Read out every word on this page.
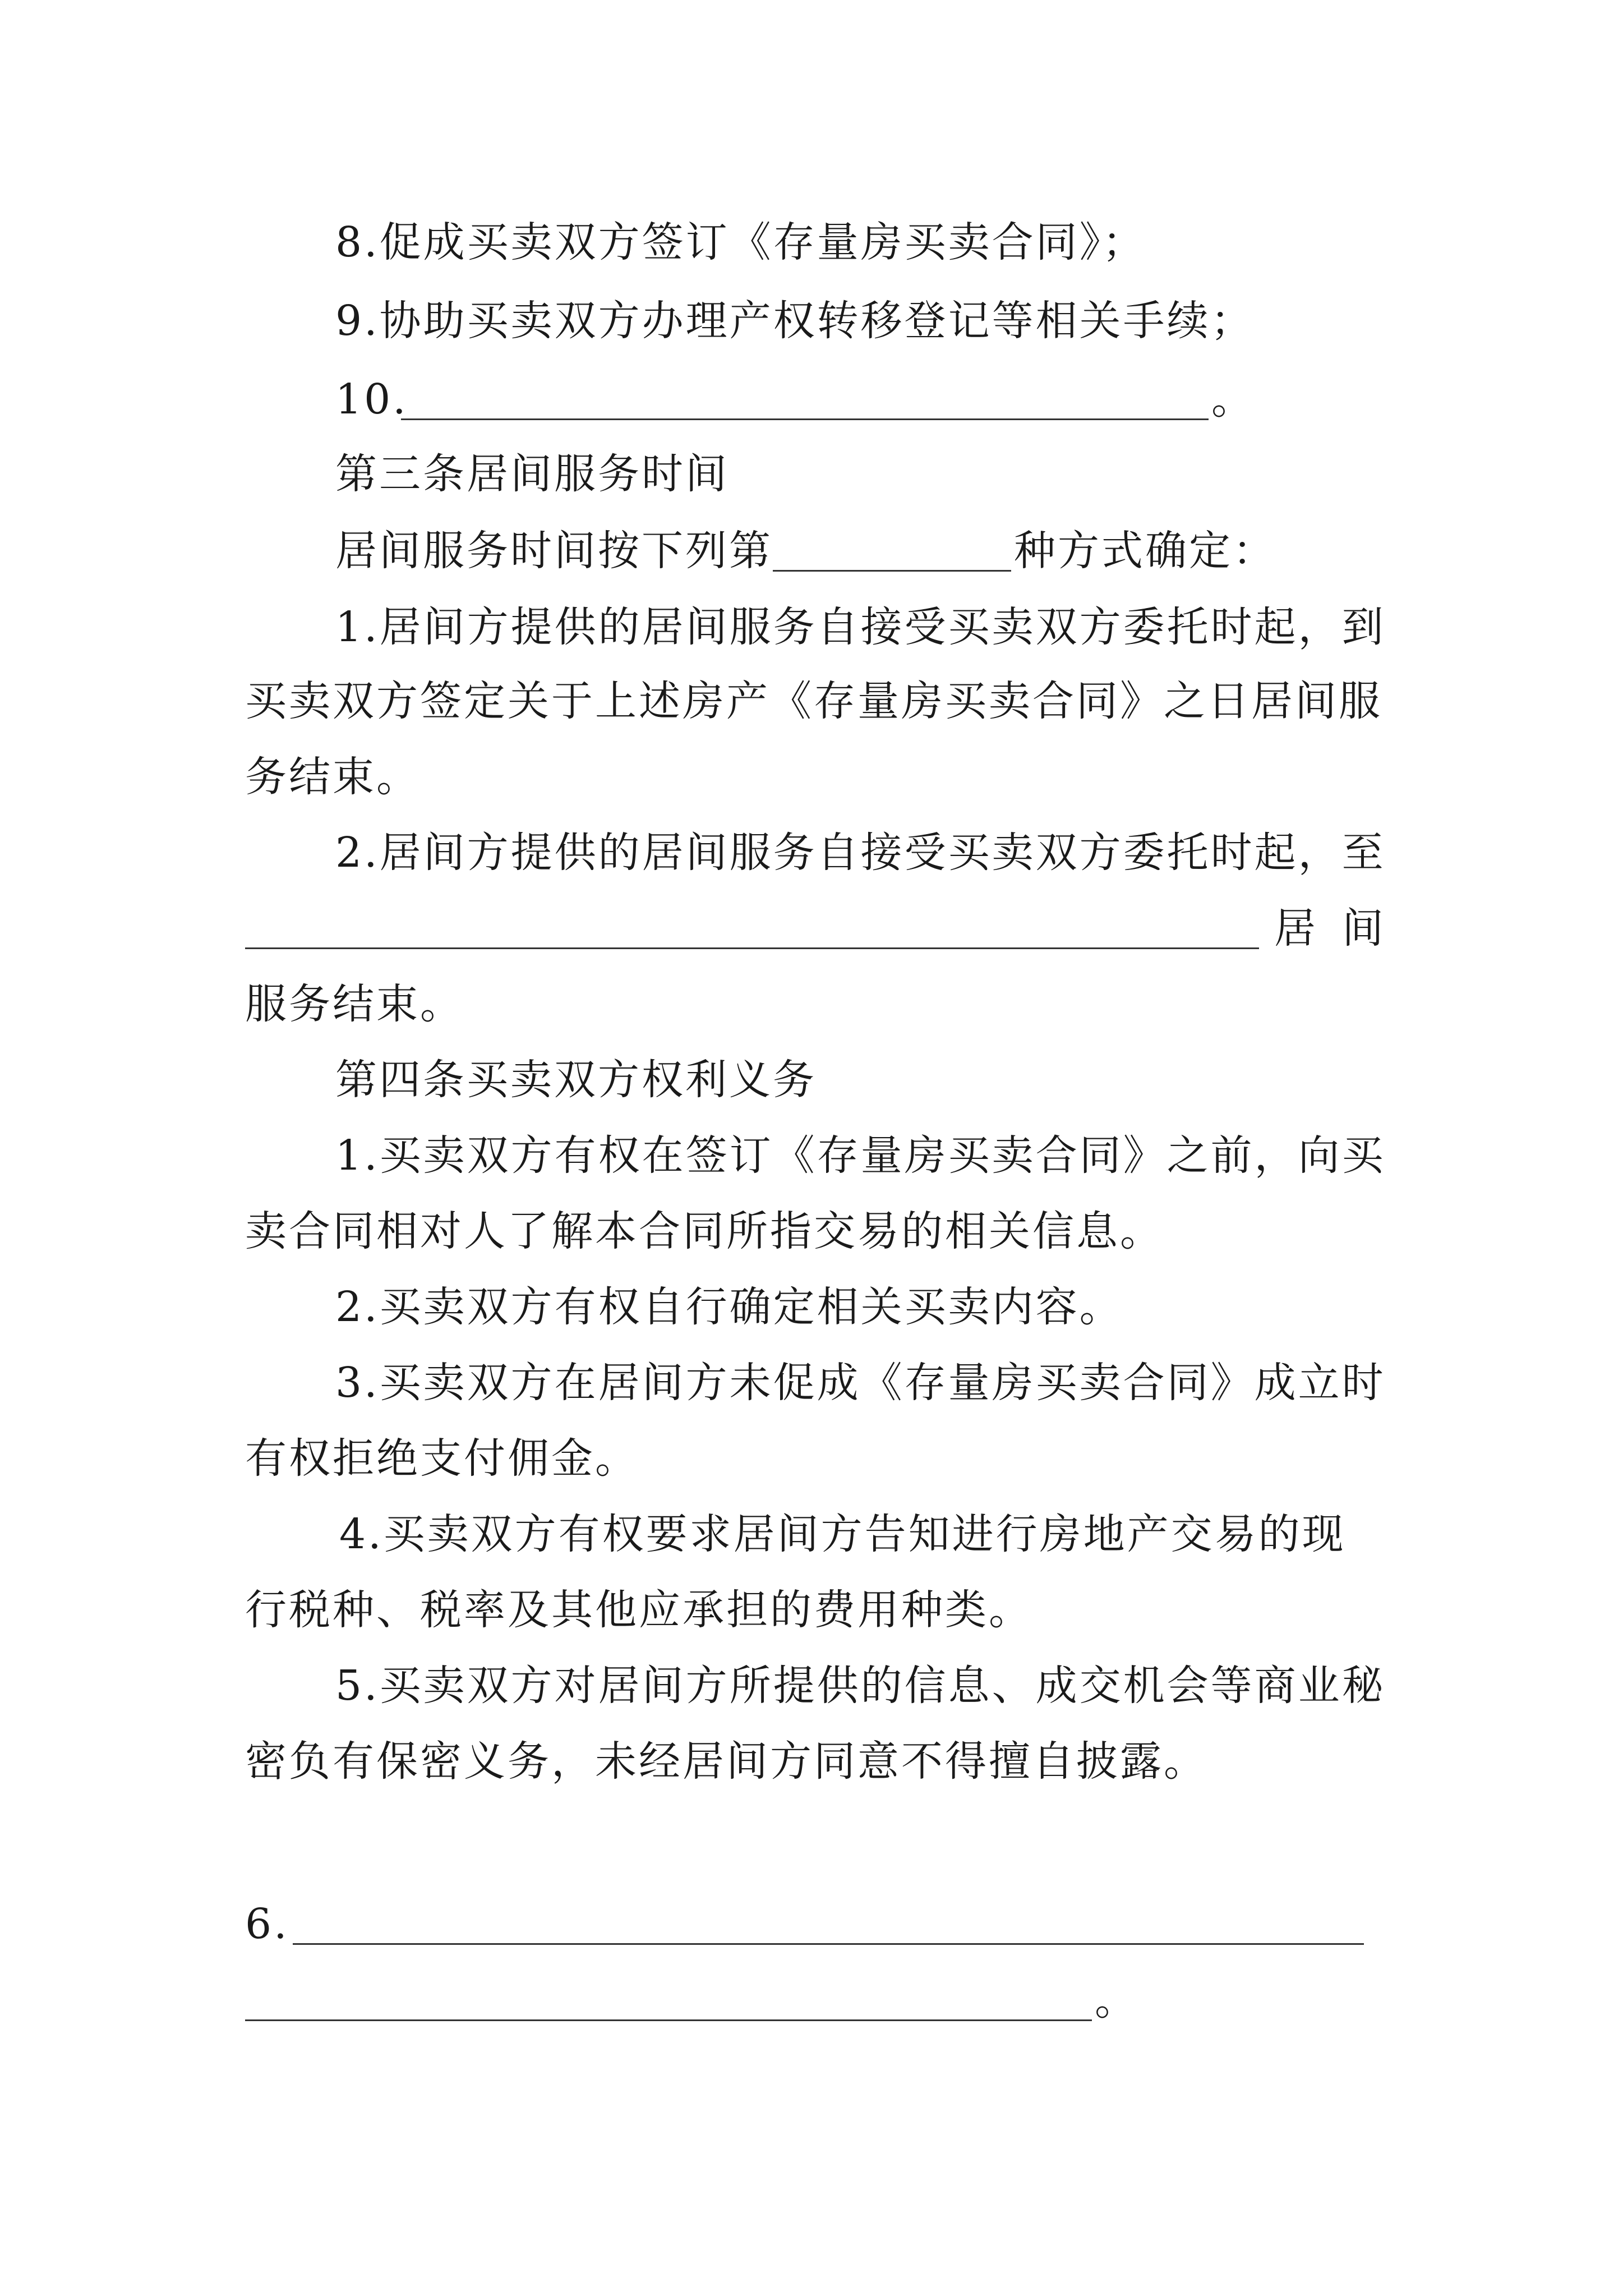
8.促成买卖双方签订《存量房买卖合同》；
9.协助买卖双方办理产权转移登记等相关手续；
10.	。
第三条居间服务时间
居间服务时间按下列第	种方式确定：
1.居间方提供的居间服务自接受买卖双方委托时起，到
买卖双方签定关于上述房产《存量房买卖合同》之日居间服
务结束。
2.居间方提供的居间服务自接受买卖双方委托时起，至
居 间
服务结束。
第四条买卖双方权利义务
1.买卖双方有权在签订《存量房买卖合同》之前，向买
卖合同相对人了解本合同所指交易的相关信息。
2.买卖双方有权自行确定相关买卖内容。
3.买卖双方在居间方未促成《存量房买卖合同》成立时
有权拒绝支付佣金。
4.买卖双方有权要求居间方告知进行房地产交易的现
行税种、税率及其他应承担的费用种类。
5.买卖双方对居间方所提供的信息、成交机会等商业秘
密负有保密义务，未经居间方同意不得擅自披露。
6.
。
